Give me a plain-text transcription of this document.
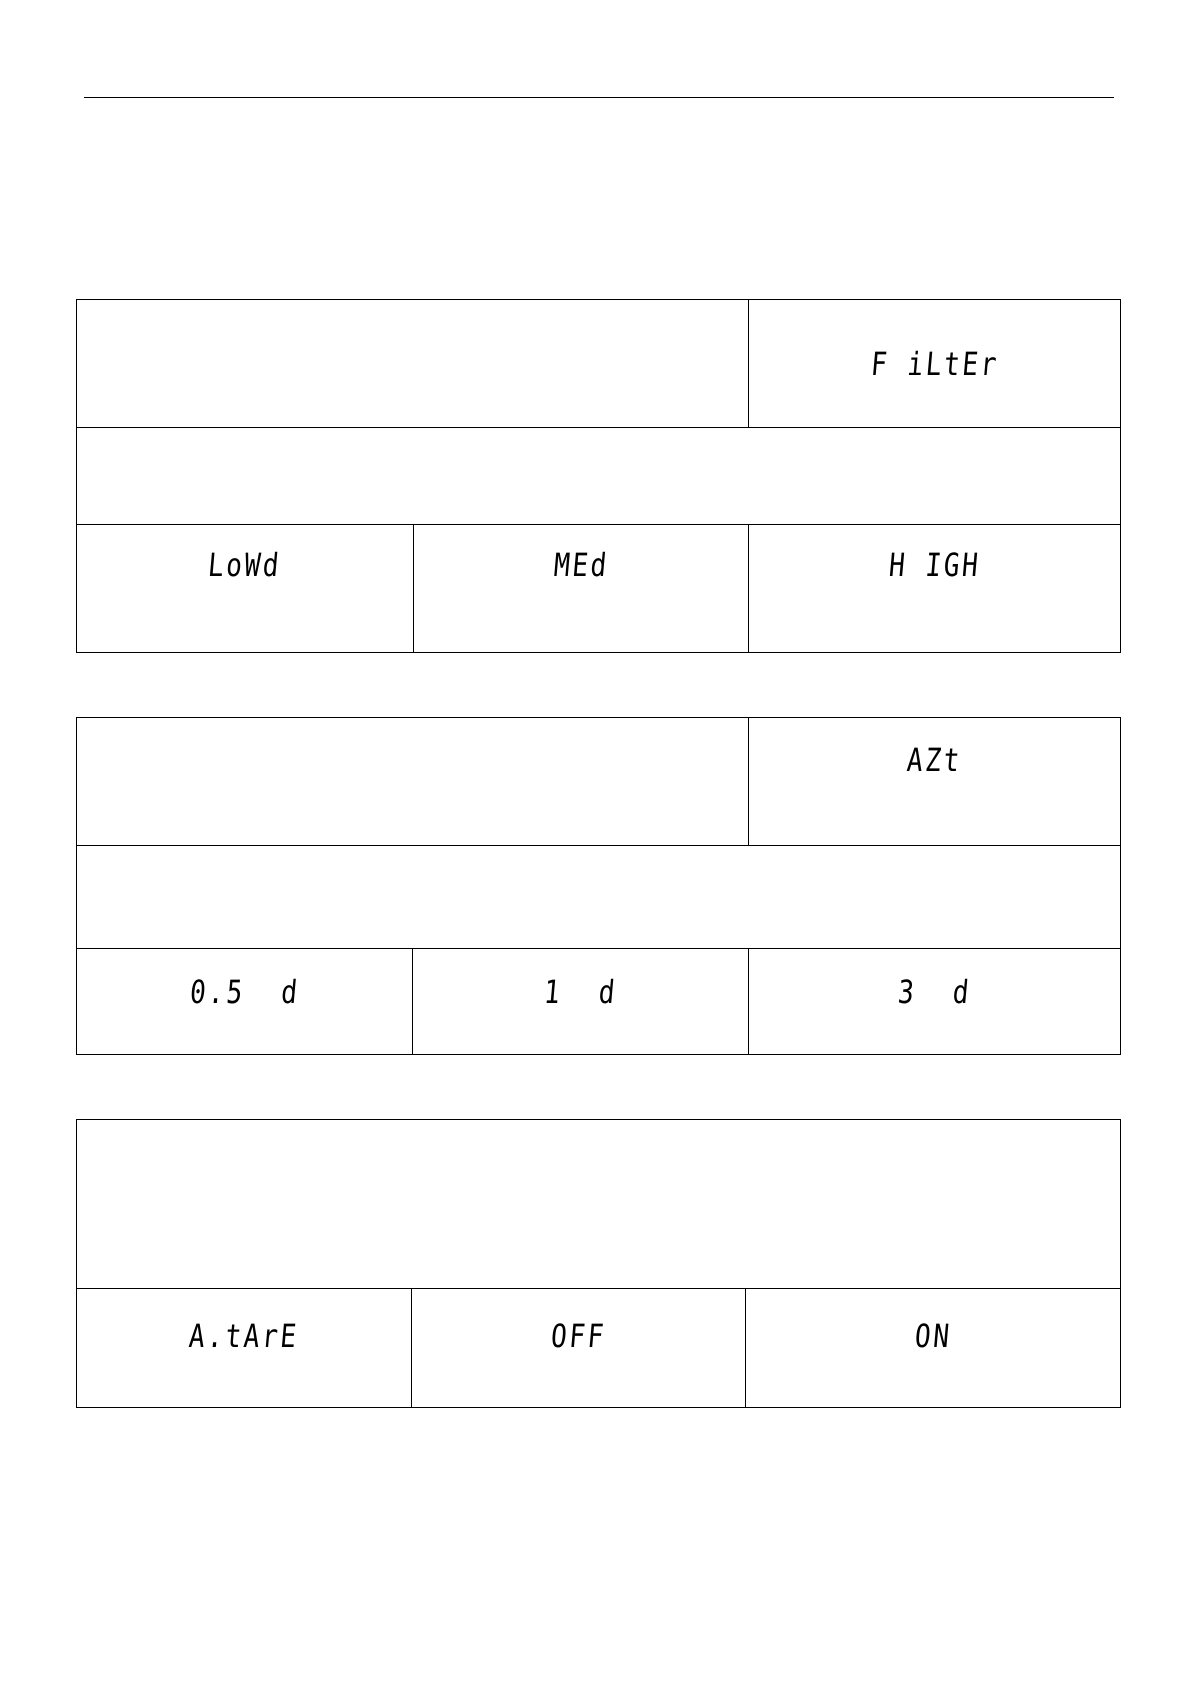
		F iLtEr

LoWd	MEd	H IGH
		AZt

0.5  d	1  d	3  d

A.tArE	OFF	ON
